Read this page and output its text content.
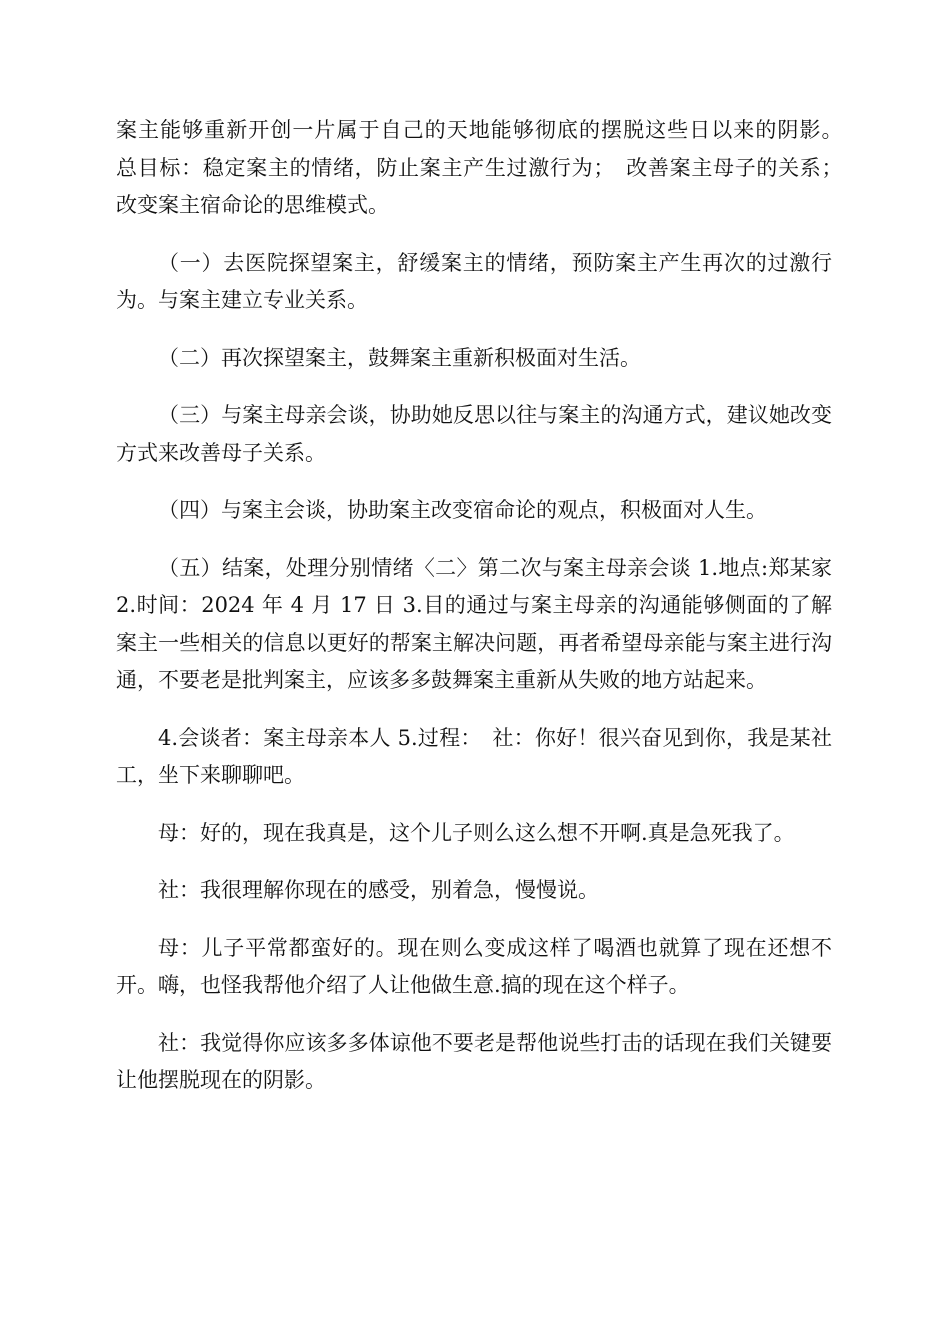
案主能够重新开创一片属于自己的天地能够彻底的摆脱这些日以来的阴影。　总目标：稳定案主的情绪，防止案主产生过激行为；　改善案主母子的关系；　改变案主宿命论的思维模式。

（一）去医院探望案主，舒缓案主的情绪，预防案主产生再次的过激行为。与案主建立专业关系。

（二）再次探望案主，鼓舞案主重新积极面对生活。

（三）与案主母亲会谈，协助她反思以往与案主的沟通方式，建议她改变方式来改善母子关系。

（四）与案主会谈，协助案主改变宿命论的观点，积极面对人生。

（五）结案，处理分别情绪〈二〉第二次与案主母亲会谈 1.地点:郑某家 2.时间：2024 年 4 月 17 日 3.目的通过与案主母亲的沟通能够侧面的了解案主一些相关的信息以更好的帮案主解决问题，再者希望母亲能与案主进行沟通，不要老是批判案主，应该多多鼓舞案主重新从失败的地方站起来。

4.会谈者：案主母亲本人 5.过程：　社：你好！很兴奋见到你，我是某社工，坐下来聊聊吧。

母：好的，现在我真是，这个儿子则么这么想不开啊.真是急死我了。

社：我很理解你现在的感受，别着急，慢慢说。

母：儿子平常都蛮好的。现在则么变成这样了喝酒也就算了现在还想不开。嗨，也怪我帮他介绍了人让他做生意.搞的现在这个样子。

社：我觉得你应该多多体谅他不要老是帮他说些打击的话现在我们关键要让他摆脱现在的阴影。
